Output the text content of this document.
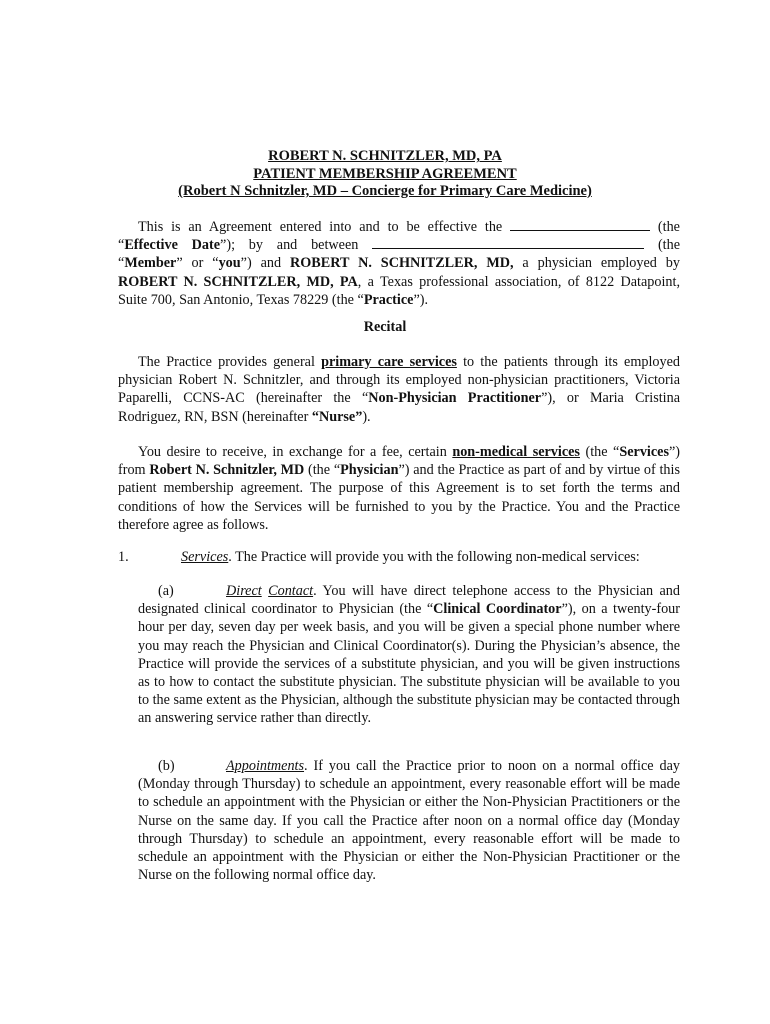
ROBERT N. SCHNITZLER, MD, PA
PATIENT MEMBERSHIP AGREEMENT
(Robert N Schnitzler, MD – Concierge for Primary Care Medicine)
This is an Agreement entered into and to be effective the	(the “Effective Date”); by and between	(the “Member” or “you”) and ROBERT N. SCHNITZLER, MD, a physician employed by ROBERT N. SCHNITZLER, MD, PA, a Texas professional association, of 8122 Datapoint, Suite 700, San Antonio, Texas 78229 (the “Practice”).
Recital
The Practice provides general primary care services to the patients through its employed physician Robert N. Schnitzler, and through its employed non-physician practitioners, Victoria Paparelli, CCNS-AC (hereinafter the “Non-Physician Practitioner”), or Maria Cristina Rodriguez, RN, BSN (hereinafter “Nurse”).
You desire to receive, in exchange for a fee, certain non-medical services (the “Services”) from Robert N. Schnitzler, MD (the “Physician”) and the Practice as part of and by virtue of this patient membership agreement. The purpose of this Agreement is to set forth the terms and conditions of how the Services will be furnished to you by the Practice. You and the Practice therefore agree as follows.
1.	Services. The Practice will provide you with the following non-medical services:
(a)	Direct Contact. You will have direct telephone access to the Physician and designated clinical coordinator to Physician (the “Clinical Coordinator”), on a twenty-four hour per day, seven day per week basis, and you will be given a special phone number where you may reach the Physician and Clinical Coordinator(s). During the Physician’s absence, the Practice will provide the services of a substitute physician, and you will be given instructions as to how to contact the substitute physician. The substitute physician will be available to you to the same extent as the Physician, although the substitute physician may be contacted through an answering service rather than directly.
(b)	Appointments. If you call the Practice prior to noon on a normal office day (Monday through Thursday) to schedule an appointment, every reasonable effort will be made to schedule an appointment with the Physician or either the Non-Physician Practitioners or the Nurse on the same day. If you call the Practice after noon on a normal office day (Monday through Thursday) to schedule an appointment, every reasonable effort will be made to schedule an appointment with the Physician or either the Non-Physician Practitioner or the Nurse on the following normal office day.
